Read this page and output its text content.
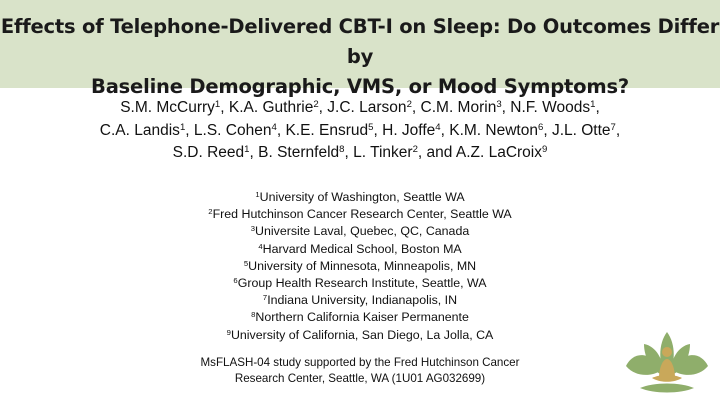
Effects of Telephone-Delivered CBT-I on Sleep: Do Outcomes Differ by
Baseline Demographic, VMS, or Mood Symptoms?
S.M. McCurry$^1$, K.A. Guthrie$^2$, J.C. Larson$^2$, C.M. Morin$^3$, N.F. Woods$^1$,
C.A. Landis$^1$, L.S. Cohen$^4$, K.E. Ensrud$^5$, H. Joffe$^4$, K.M. Newton$^6$, J.L. Otte$^7$,
S.D. Reed$^1$, B. Sternfeld$^8$, L. Tinker$^2$, and A.Z. LaCroix$^9$
$^1$University of Washington, Seattle WA
$^2$Fred Hutchinson Cancer Research Center, Seattle WA
$^3$Universite Laval, Quebec, QC, Canada
$^4$Harvard Medical School, Boston MA
$^5$University of Minnesota, Minneapolis, MN
$^6$Group Health Research Institute, Seattle, WA
$^7$Indiana University, Indianapolis, IN
$^8$Northern California Kaiser Permanente
$^9$University of California, San Diego, La Jolla, CA
MsFLASH-04 study supported by the Fred Hutchinson Cancer
Research Center, Seattle, WA (1U01 AG032699)
